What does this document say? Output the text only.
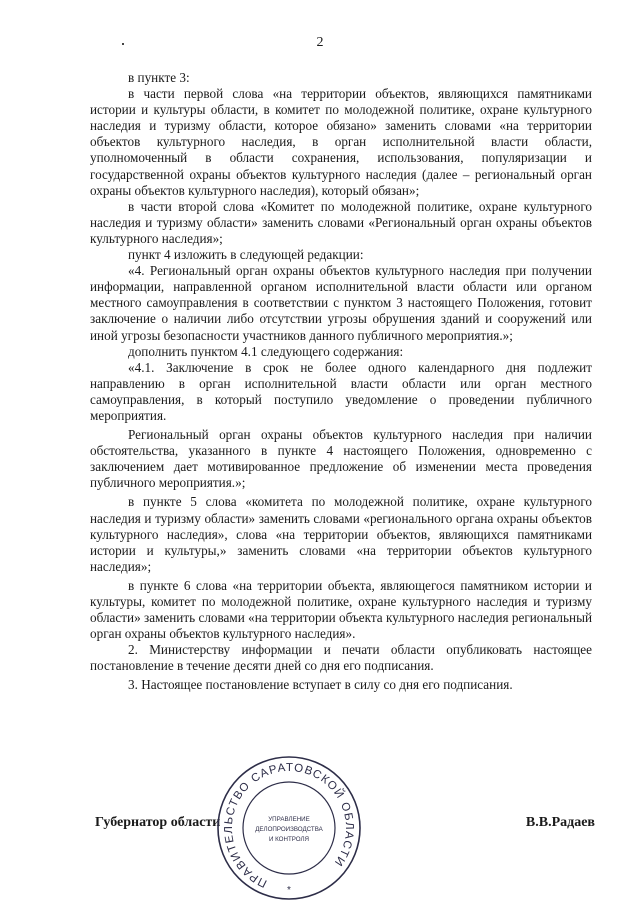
2

в пункте 3:

в части первой слова «на территории объектов, являющихся памятниками истории и культуры области, в комитет по молодежной политике, охране культурного наследия и туризму области, которое обязано» заменить словами «на территории объектов культурного наследия, в орган исполнительной власти области, уполномоченный в области сохранения, использования, популяризации и государственной охраны объектов культурного наследия (далее – региональный орган охраны объектов культурного наследия), который обязан»;

в части второй слова «Комитет по молодежной политике, охране культурного наследия и туризму области» заменить словами «Региональный орган охраны объектов культурного наследия»;

пункт 4 изложить в следующей редакции:

«4. Региональный орган охраны объектов культурного наследия при получении информации, направленной органом исполнительной власти области или органом местного самоуправления в соответствии с пунктом 3 настоящего Положения, готовит заключение о наличии либо отсутствии угрозы обрушения зданий и сооружений или иной угрозы безопасности участников данного публичного мероприятия.»;

дополнить пунктом 4.1 следующего содержания:

«4.1. Заключение в срок не более одного календарного дня подлежит направлению в орган исполнительной власти области или орган местного самоуправления, в который поступило уведомление о проведении публичного мероприятия.

Региональный орган охраны объектов культурного наследия при наличии обстоятельства, указанного в пункте 4 настоящего Положения, одновременно с заключением дает мотивированное предложение об изменении места проведения публичного мероприятия.»;

в пункте 5 слова «комитета по молодежной политике, охране культурного наследия и туризму области» заменить словами «регионального органа охраны объектов культурного наследия», слова «на территории объектов, являющихся памятниками истории и культуры,» заменить словами «на территории объектов культурного наследия»;

в пункте 6 слова «на территории объекта, являющегося памятником истории и культуры, комитет по молодежной политике, охране культурного наследия и туризму области» заменить словами «на территории объекта культурного наследия региональный орган охраны объектов культурного наследия».

2. Министерству информации и печати области опубликовать настоящее постановление в течение десяти дней со дня его подписания.

3. Настоящее постановление вступает в силу со дня его подписания.

Губернатор области	В.В.Радаев
ПРАВИТЕЛЬСТВО САРАТОВСКОЙ ОБЛАСТИ
УПРАВЛЕНИЕ
ДЕЛОПРОИЗВОДСТВА
И КОНТРОЛЯ
*
